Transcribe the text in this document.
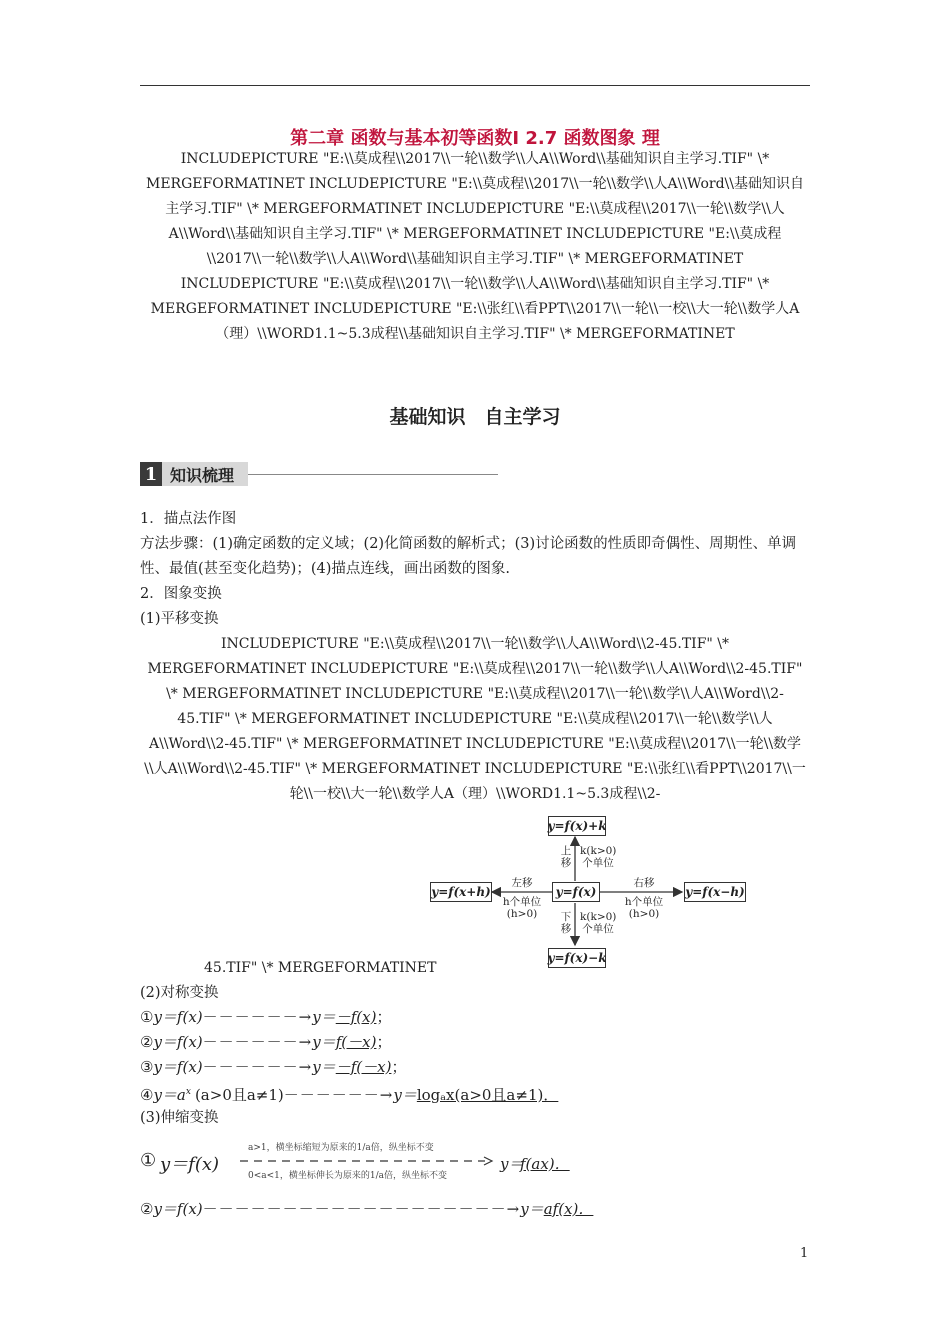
第二章 函数与基本初等函数Ⅰ 2.7 函数图象 理
INCLUDEPICTURE "E:\\莫成程\\2017\\一轮\\数学\\人A\\Word\\基础知识自主学习.TIF" \* MERGEFORMATINET INCLUDEPICTURE "E:\\莫成程\\2017\\一轮\\数学\\人A\\Word\\基础知识自主学习.TIF" \* MERGEFORMATINET INCLUDEPICTURE "E:\\莫成程\\2017\\一轮\\数学\\人A\\Word\\基础知识自主学习.TIF" \* MERGEFORMATINET INCLUDEPICTURE "E:\\莫成程\\2017\\一轮\\数学\\人A\\Word\\基础知识自主学习.TIF" \* MERGEFORMATINET INCLUDEPICTURE "E:\\莫成程\\2017\\一轮\\数学\\人A\\Word\\基础知识自主学习.TIF" \* MERGEFORMATINET INCLUDEPICTURE "E:\\张红\\看PPT\\2017\\一轮\\一校\\大一轮\\数学人A（理）\\WORD1.1~5.3成程\\基础知识自主学习.TIF" \* MERGEFORMATINET
基础知识　自主学习
1 知识梳理
1．描点法作图
方法步骤：(1)确定函数的定义域；(2)化简函数的解析式；(3)讨论函数的性质即奇偶性、周期性、单调性、最值(甚至变化趋势)；(4)描点连线，画出函数的图象.
2．图象变换
(1)平移变换
INCLUDEPICTURE "E:\\莫成程\\2017\\一轮\\数学\\人A\\Word\\2-45.TIF" \* MERGEFORMATINET INCLUDEPICTURE "E:\\莫成程\\2017\\一轮\\数学\\人A\\Word\\2-45.TIF" \* MERGEFORMATINET INCLUDEPICTURE "E:\\莫成程\\2017\\一轮\\数学\\人A\\Word\\2-45.TIF" \* MERGEFORMATINET INCLUDEPICTURE "E:\\莫成程\\2017\\一轮\\数学\\人A\\Word\\2-45.TIF" \* MERGEFORMATINET INCLUDEPICTURE "E:\\莫成程\\2017\\一轮\\数学\\人A\\Word\\2-45.TIF" \* MERGEFORMATINET INCLUDEPICTURE "E:\\张红\\看PPT\\2017\\一轮\\一校\\大一轮\\数学人A（理）\\WORD1.1~5.3成程\\2-
y=f(x)+k
y=f(x)
y=f(x)−k
y=f(x+h)	y=f(x−h)
上移
k(k>0)个单位
下移
k(k>0)个单位
左移
h个单位(h>0)
右移
h个单位(h>0)
45.TIF" \* MERGEFORMATINET
(2)对称变换
①y＝f(x)－－－－－－→y＝－f(x)；
②y＝f(x)－－－－－－→y＝f(－x)；
③y＝f(x)－－－－－－→y＝－f(－x)；
$④y=a^x$ (a>0且a≠1)－－－－－－→y＝logₐx(a>0且a≠1)．
(3)伸缩变换
① y＝f(x)
a>1，横坐标缩短为原来的1/a倍，纵坐标不变
0<a<1，横坐标伸长为原来的1/a倍，纵坐标不变
y＝
f(ax)．
②y＝f(x)－－－－－－－－－－－－－－－－－－－→y＝af(x)．
1
